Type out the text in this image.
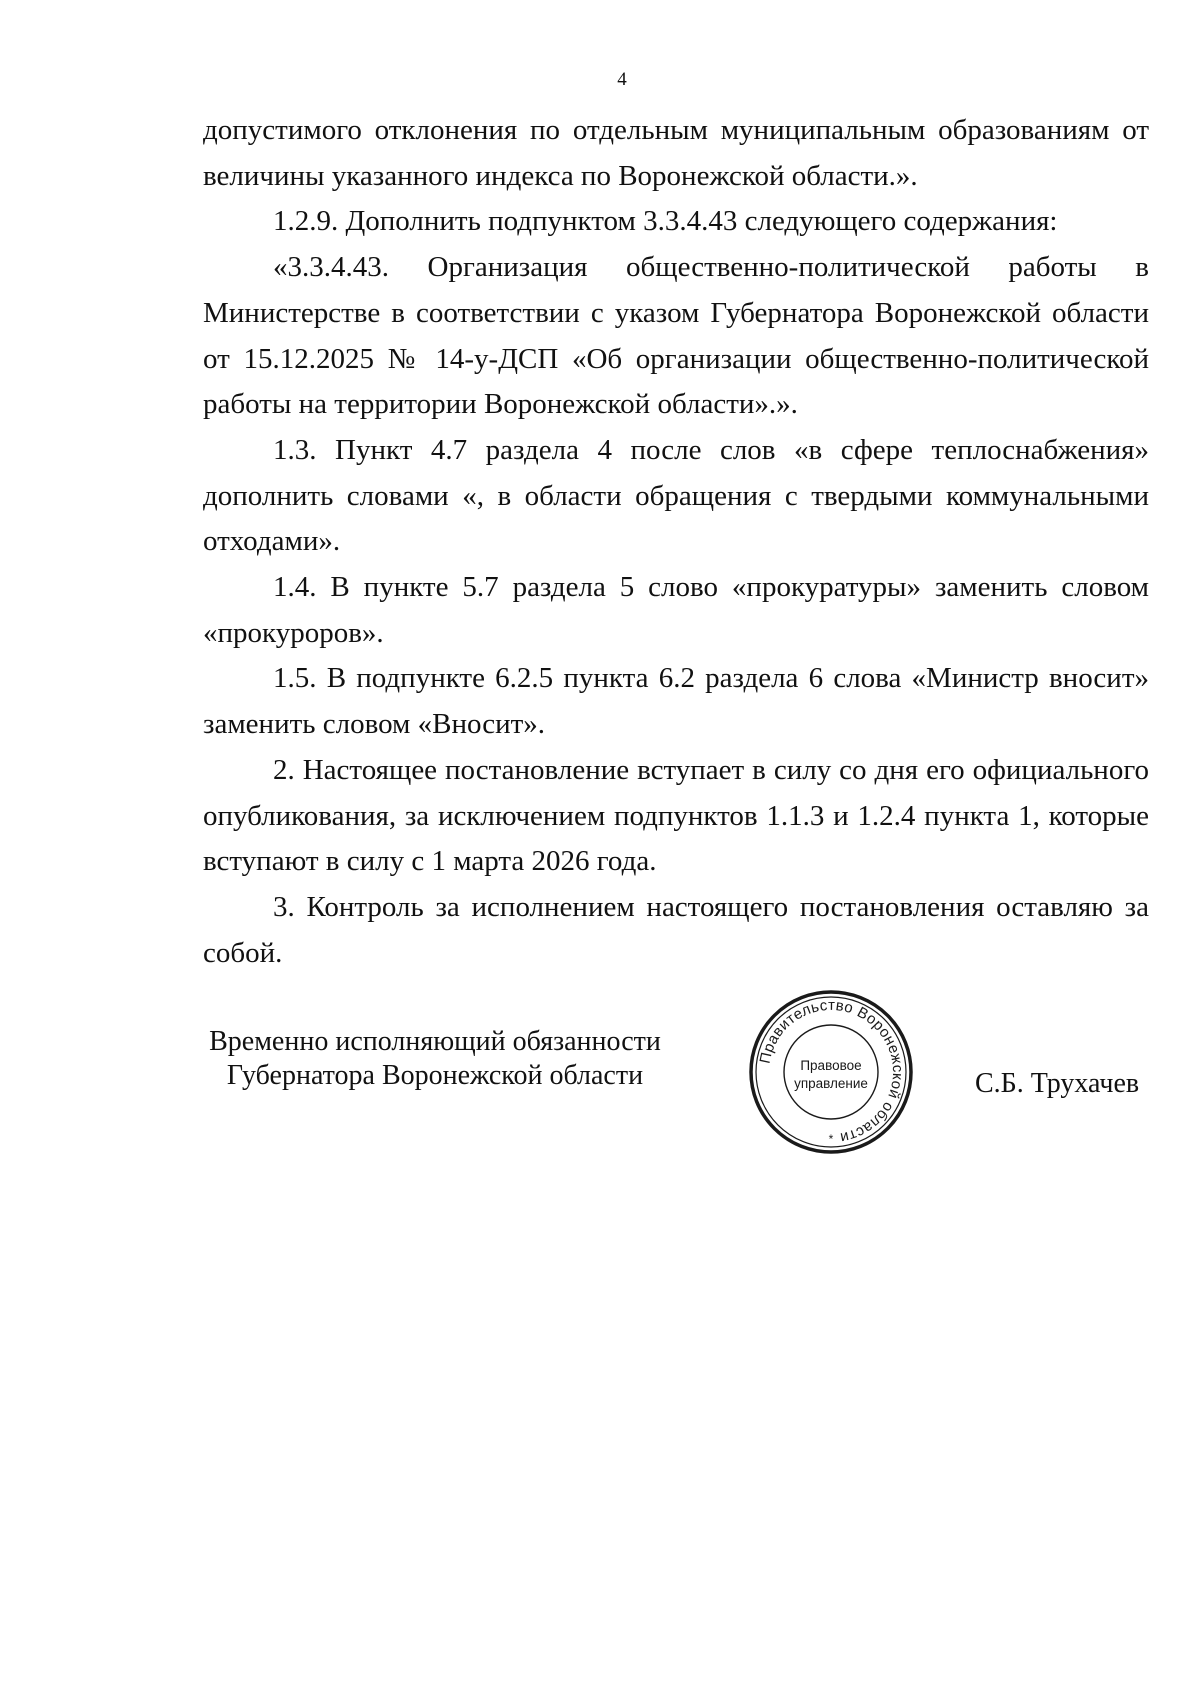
4

допустимого отклонения по отдельным муниципальным образованиям от величины указанного индекса по Воронежской области.».

1.2.9. Дополнить подпунктом 3.3.4.43 следующего содержания:

«3.3.4.43. Организация общественно-политической работы в Министерстве в соответствии с указом Губернатора Воронежской области от 15.12.2025 № 14-у-ДСП «Об организации общественно-политической работы на территории Воронежской области».».

1.3. Пункт 4.7 раздела 4 после слов «в сфере теплоснабжения» дополнить словами «, в области обращения с твердыми коммунальными отходами».

1.4. В пункте 5.7 раздела 5 слово «прокуратуры» заменить словом «прокуроров».

1.5. В подпункте 6.2.5 пункта 6.2 раздела 6 слова «Министр вносит» заменить словом «Вносит».

2. Настоящее постановление вступает в силу со дня его официального опубликования, за исключением подпунктов 1.1.3 и 1.2.4 пункта 1, которые вступают в силу с 1 марта 2026 года.

3. Контроль за исполнением настоящего постановления оставляю за собой.

Временно исполняющий обязанности
Губернатора Воронежской области
Правительство Воронежской области
Правовое
управление
*
С.Б. Трухачев
